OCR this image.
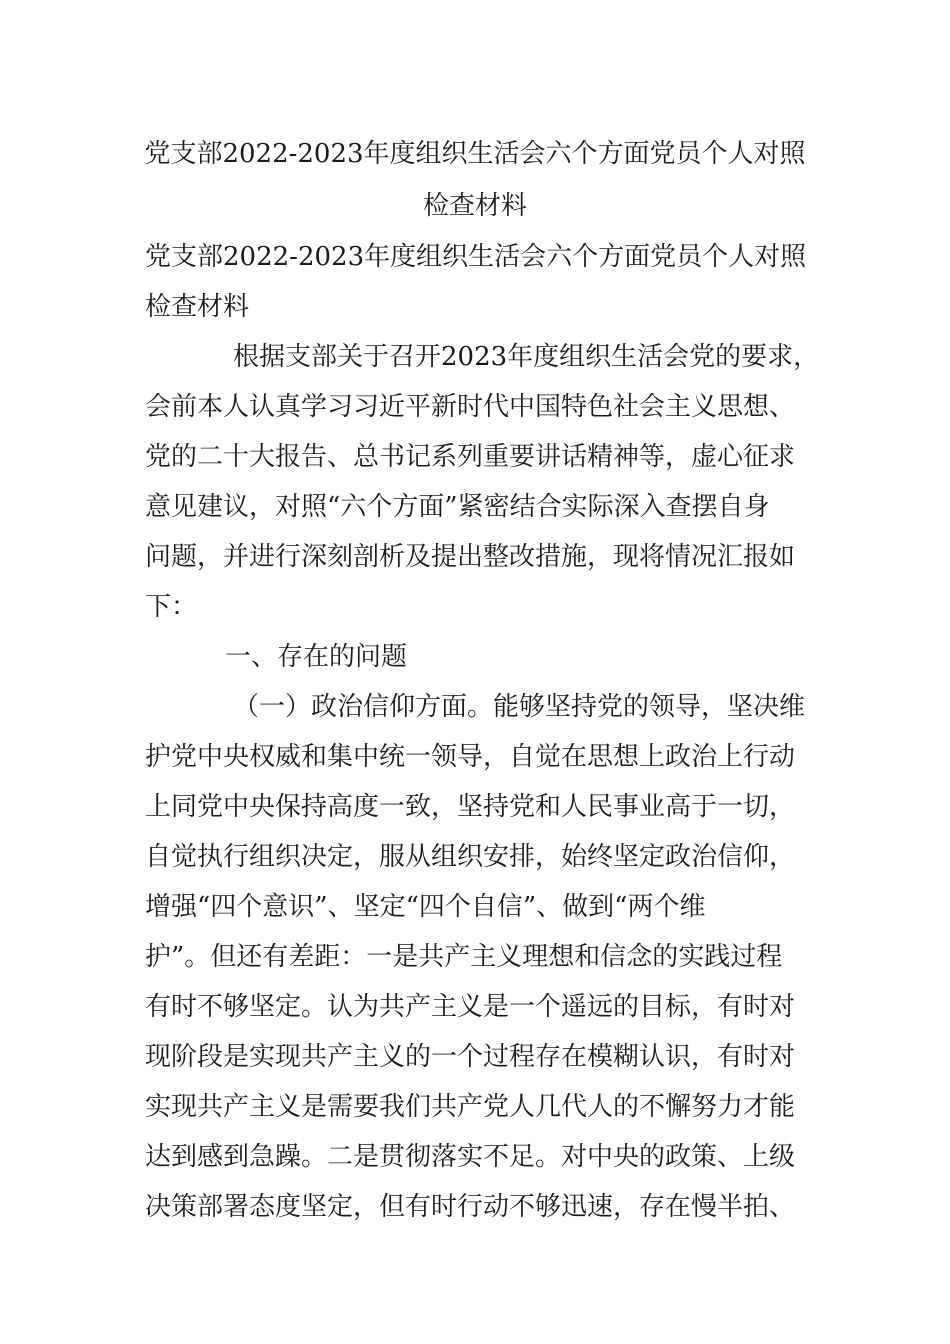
党支部2022-2023年度组织生活会六个方面党员个人对照
检查材料
党支部2022-2023年度组织生活会六个方面党员个人对照
检查材料
根据支部关于召开2023年度组织生活会党的要求，
会前本人认真学习习近平新时代中国特色社会主义思想、
党的二十大报告、总书记系列重要讲话精神等，虚心征求
意见建议，对照“六个方面”紧密结合实际深入查摆自身
问题，并进行深刻剖析及提出整改措施，现将情况汇报如
下：
一、存在的问题
（一）政治信仰方面。能够坚持党的领导，坚决维
护党中央权威和集中统一领导，自觉在思想上政治上行动
上同党中央保持高度一致，坚持党和人民事业高于一切，
自觉执行组织决定，服从组织安排，始终坚定政治信仰，
增强“四个意识”、坚定“四个自信”、做到“两个维
护”。但还有差距：一是共产主义理想和信念的实践过程
有时不够坚定。认为共产主义是一个遥远的目标，有时对
现阶段是实现共产主义的一个过程存在模糊认识，有时对
实现共产主义是需要我们共产党人几代人的不懈努力才能
达到感到急躁。二是贯彻落实不足。对中央的政策、上级
决策部署态度坚定，但有时行动不够迅速，存在慢半拍、
